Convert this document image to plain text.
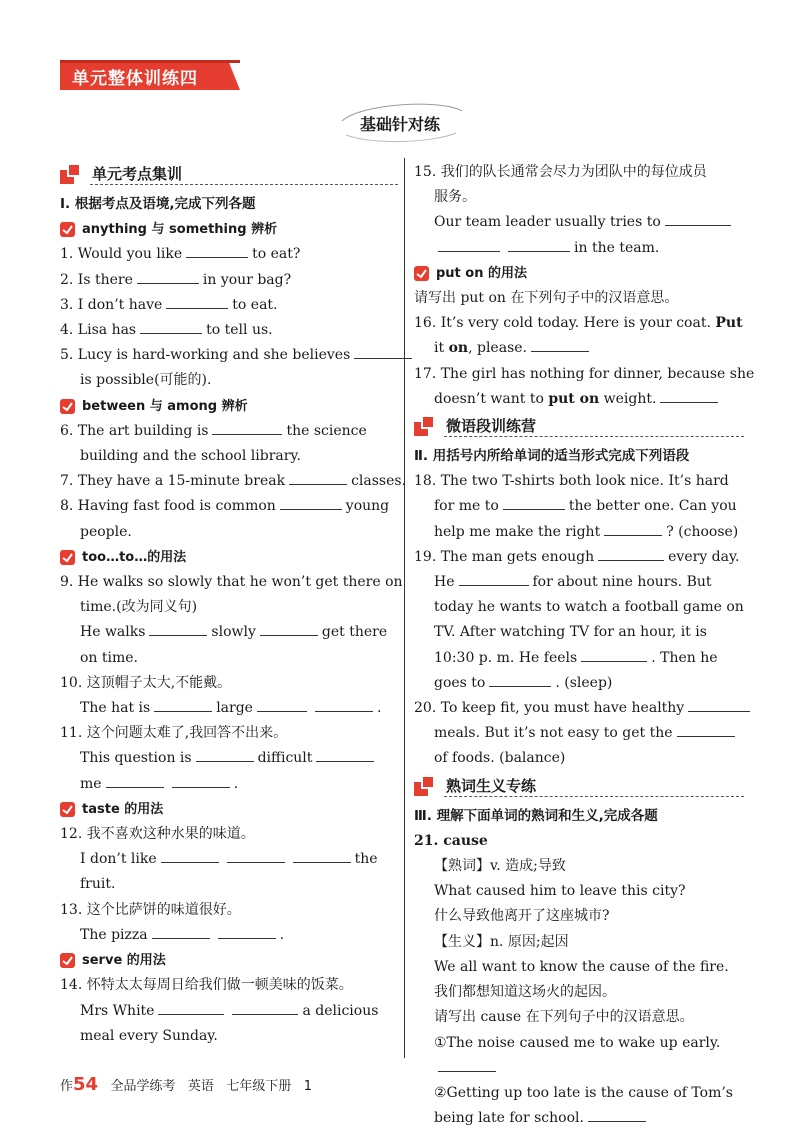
单元整体训练四
基础针对练
单元考点集训
Ⅰ. 根据考点及语境,完成下列各题
anything 与 something 辨析
1. Would you like	to eat?
2. Is there	in your bag?
3. I don’t have	to eat.
4. Lisa has	to tell us.
5. Lucy is hard-working and she believes
is possible(可能的).
between 与 among 辨析
6. The art building is	the science
building and the school library.
7. They have a 15-minute break	classes.
8. Having fast food is common	young
people.
too…to…的用法
9. He walks so slowly that he won’t get there on
time.(改为同义句)
He walks	slowly	get there
on time.
10. 这顶帽子太大,不能戴。
The hat is	large	.
11. 这个问题太难了,我回答不出来。
This question is	difficult
me	.
taste 的用法
12. 我不喜欢这种水果的味道。
I don’t like	the
fruit.
13. 这个比萨饼的味道很好。
The pizza	.
serve 的用法
14. 怀特太太每周日给我们做一顿美味的饭菜。
Mrs White	a delicious
meal every Sunday.
15. 我们的队长通常会尽力为团队中的每位成员
服务。
Our team leader usually tries to
in the team.
put on 的用法
请写出 put on 在下列句子中的汉语意思。
16. It’s very cold today. Here is your coat. Put
it on, please.
17. The girl has nothing for dinner, because she
doesn’t want to put on weight.
微语段训练营
Ⅱ. 用括号内所给单词的适当形式完成下列语段
18. The two T-shirts both look nice. It’s hard
for me to	the better one. Can you
help me make the right	? (choose)
19. The man gets enough	every day.
He	for about nine hours. But
today he wants to watch a football game on
TV. After watching TV for an hour, it is
10:30 p. m. He feels	. Then he
goes to	. (sleep)
20. To keep fit, you must have healthy
meals. But it’s not easy to get the
of foods. (balance)
熟词生义专练
Ⅲ. 理解下面单词的熟词和生义,完成各题
21. cause
【熟词】v. 造成;导致
What caused him to leave this city?
什么导致他离开了这座城市?
【生义】n. 原因;起因
We all want to know the cause of the fire.
我们都想知道这场火的起因。
请写出 cause 在下列句子中的汉语意思。
①The noise caused me to wake up early.
②Getting up too late is the cause of Tom’s
being late for school.
作54 全品学练考 英语 七年级下册 1
